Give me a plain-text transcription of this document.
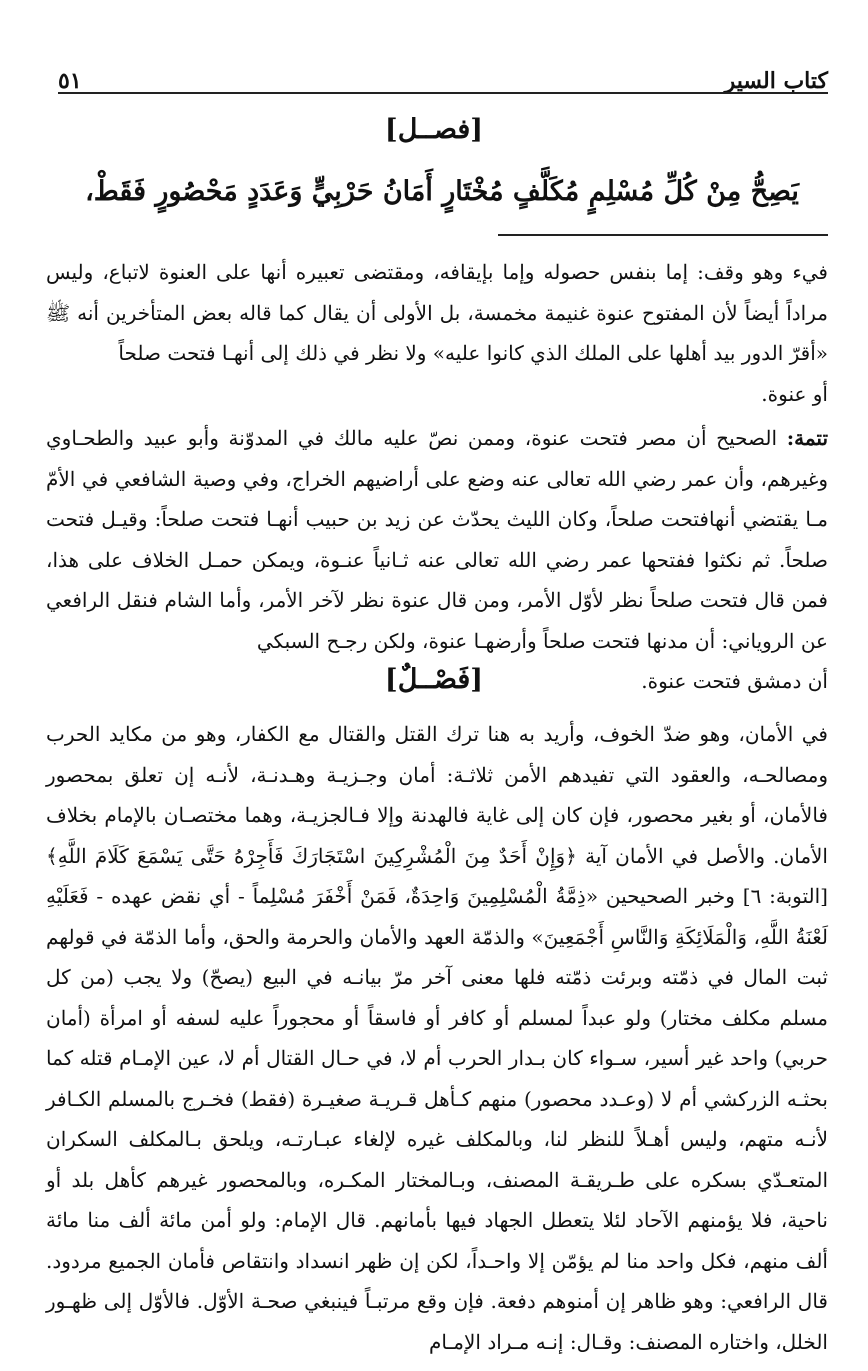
كتاب السير
٥١
[فصــل]
يَصِحُّ مِنْ كُلِّ مُسْلِمٍ مُكَلَّفٍ مُخْتَارٍ أَمَانُ حَرْبِيٍّ وَعَدَدٍ مَحْصُورٍ فَقَطْ،

فيء وهو وقف: إما بنفس حصوله وإما بإيقافه، ومقتضى تعبيره أنها على العنوة لاتباع، وليس مراداً أيضاً لأن المفتوح عنوة غنيمة مخمسة، بل الأولى أن يقال كما قاله بعض المتأخرين أنه ﷺ «أقرّ الدور بيد أهلها على الملك الذي كانوا عليه» ولا نظر في ذلك إلى أنهـا فتحت صلحاً

أو عنوة.

تتمة: الصحيح أن مصر فتحت عنوة، وممن نصّ عليه مالك في المدوّنة وأبو عبيد والطحـاوي وغيرهم، وأن عمر رضي الله تعالى عنه وضع على أراضيهم الخراج، وفي وصية الشافعي في الأمّ مـا يقتضي أنهافتحت صلحاً، وكان الليث يحدّث عن زيد بن حبيب أنهـا فتحت صلحاً: وقيـل فتحت صلحاً. ثم نكثوا ففتحها عمر رضي الله تعالى عنه ثـانياً عنـوة، ويمكن حمـل الخلاف على هذا، فمن قال فتحت صلحاً نظر لأوّل الأمر، ومن قال عنوة نظر لآخر الأمر، وأما الشام فنقل الرافعي عن الروياني: أن مدنها فتحت صلحاً وأرضهـا عنوة، ولكن رجـح السبكي

أن دمشق فتحت عنوة.

[فَصْــلٌ]

في الأمان، وهو ضدّ الخوف، وأريد به هنا ترك القتل والقتال مع الكفار، وهو من مكايد الحرب ومصالحـه، والعقود التي تفيدهم الأمن ثلاثـة: أمان وجـزيـة وهـدنـة، لأنـه إن تعلق بمحصور فالأمان، أو بغير محصور، فإن كان إلى غاية فالهدنة وإلا فـالجزيـة، وهما مختصـان بالإمام بخلاف الأمان. والأصل في الأمان آية ﴿وَإِنْ أَحَدٌ مِنَ الْمُشْرِكِينَ اسْتَجَارَكَ فَأَجِرْهُ حَتَّى يَسْمَعَ كَلَامَ اللَّهِ﴾ [التوبة: ٦] وخبر الصحيحين «ذِمَّةُ الْمُسْلِمِينَ وَاحِدَةٌ، فَمَنْ أَخْفَرَ مُسْلِماً - أي نقض عهده - فَعَلَيْهِ لَعْنَةُ اللَّهِ، وَالْمَلَائِكَةِ وَالنَّاسِ أَجْمَعِينَ» والذمّة العهد والأمان والحرمة والحق، وأما الذمّة في قولهم ثبت المال في ذمّته وبرئت ذمّته فلها معنى آخر مرّ بيانـه في البيع (يصحّ) ولا يجب (من كل مسلم مكلف مختار) ولو عبداً لمسلم أو كافر أو فاسقاً أو محجوراً عليه لسفه أو امرأة (أمان حربي) واحد غير أسير، سـواء كان بـدار الحرب أم لا، في حـال القتال أم لا، عين الإمـام قتله كما بحثـه الزركشي أم لا (وعـدد محصور) منهم كـأهل قـريـة صغيـرة (فقط) فخـرج بالمسلم الكـافر لأنـه متهم، وليس أهـلاً للنظر لنا، وبالمكلف غيره لإلغاء عبـارتـه، ويلحق بـالمكلف السكران المتعـدّي بسكره على طـريقـة المصنف، وبـالمختار المكـره، وبالمحصور غيرهم كأهل بلد أو ناحية، فلا يؤمنهم الآحاد لئلا يتعطل الجهاد فيها بأمانهم. قال الإمام: ولو أمن مائة ألف منا مائة ألف منهم، فكل واحد منا لم يؤمّن إلا واحـداً، لكن إن ظهر انسداد وانتقاص فأمان الجميع مردود. قال الرافعي: وهو ظاهر إن أمنوهم دفعة. فإن وقع مرتبـاً فينبغي صحـة الأوّل. فالأوّل إلى ظهـور الخلل، واختاره المصنف: وقـال: إنـه مـراد الإمـام
